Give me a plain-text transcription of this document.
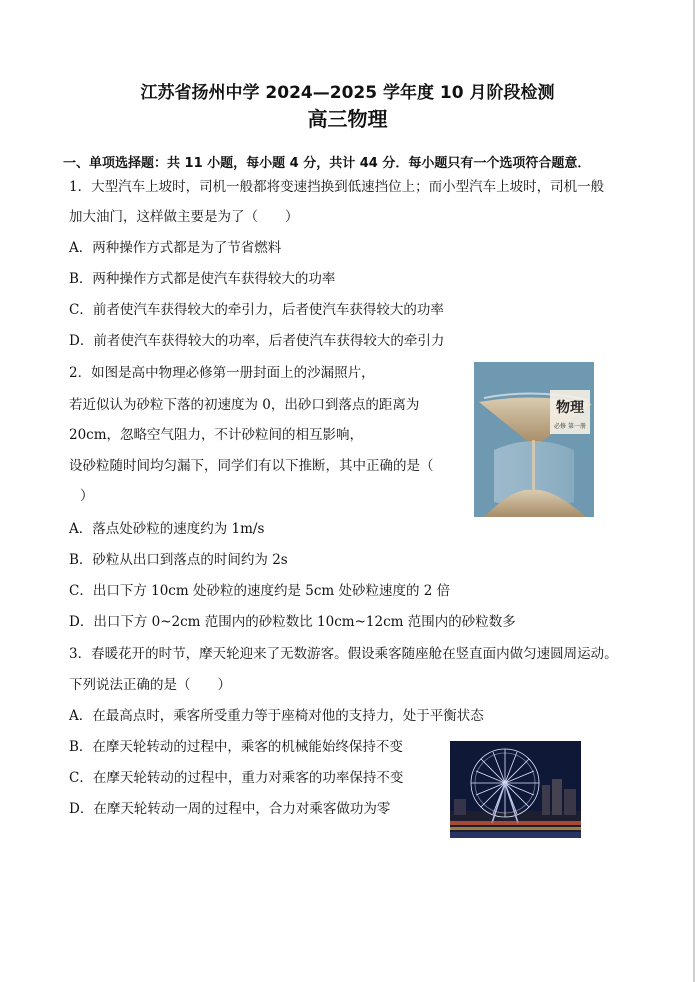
江苏省扬州中学 2024—2025 学年度 10 月阶段检测
高三物理
一、单项选择题：共 11 小题，每小题 4 分，共计 44 分．每小题只有一个选项符合题意．
1．大型汽车上坡时，司机一般都将变速挡换到低速挡位上；而小型汽车上坡时，司机一般
加大油门，这样做主要是为了（　　）
A．两种操作方式都是为了节省燃料
B．两种操作方式都是使汽车获得较大的功率
C．前者使汽车获得较大的牵引力，后者使汽车获得较大的功率
D．前者使汽车获得较大的功率，后者使汽车获得较大的牵引力
2．如图是高中物理必修第一册封面上的沙漏照片，
若近似认为砂粒下落的初速度为 0，出砂口到落点的距离为
20cm，忽略空气阻力，不计砂粒间的相互影响，
设砂粒随时间均匀漏下，同学们有以下推断，其中正确的是（
）
物理
必修 第一册
A．落点处砂粒的速度约为 1m/s
B．砂粒从出口到落点的时间约为 2s
C．出口下方 10cm 处砂粒的速度约是 5cm 处砂粒速度的 2 倍
D．出口下方 0~2cm 范围内的砂粒数比 10cm~12cm 范围内的砂粒数多
3．春暖花开的时节，摩天轮迎来了无数游客。假设乘客随座舱在竖直面内做匀速圆周运动。
下列说法正确的是（　　）
A．在最高点时，乘客所受重力等于座椅对他的支持力，处于平衡状态
B．在摩天轮转动的过程中，乘客的机械能始终保持不变
C．在摩天轮转动的过程中，重力对乘客的功率保持不变
D．在摩天轮转动一周的过程中，合力对乘客做功为零
